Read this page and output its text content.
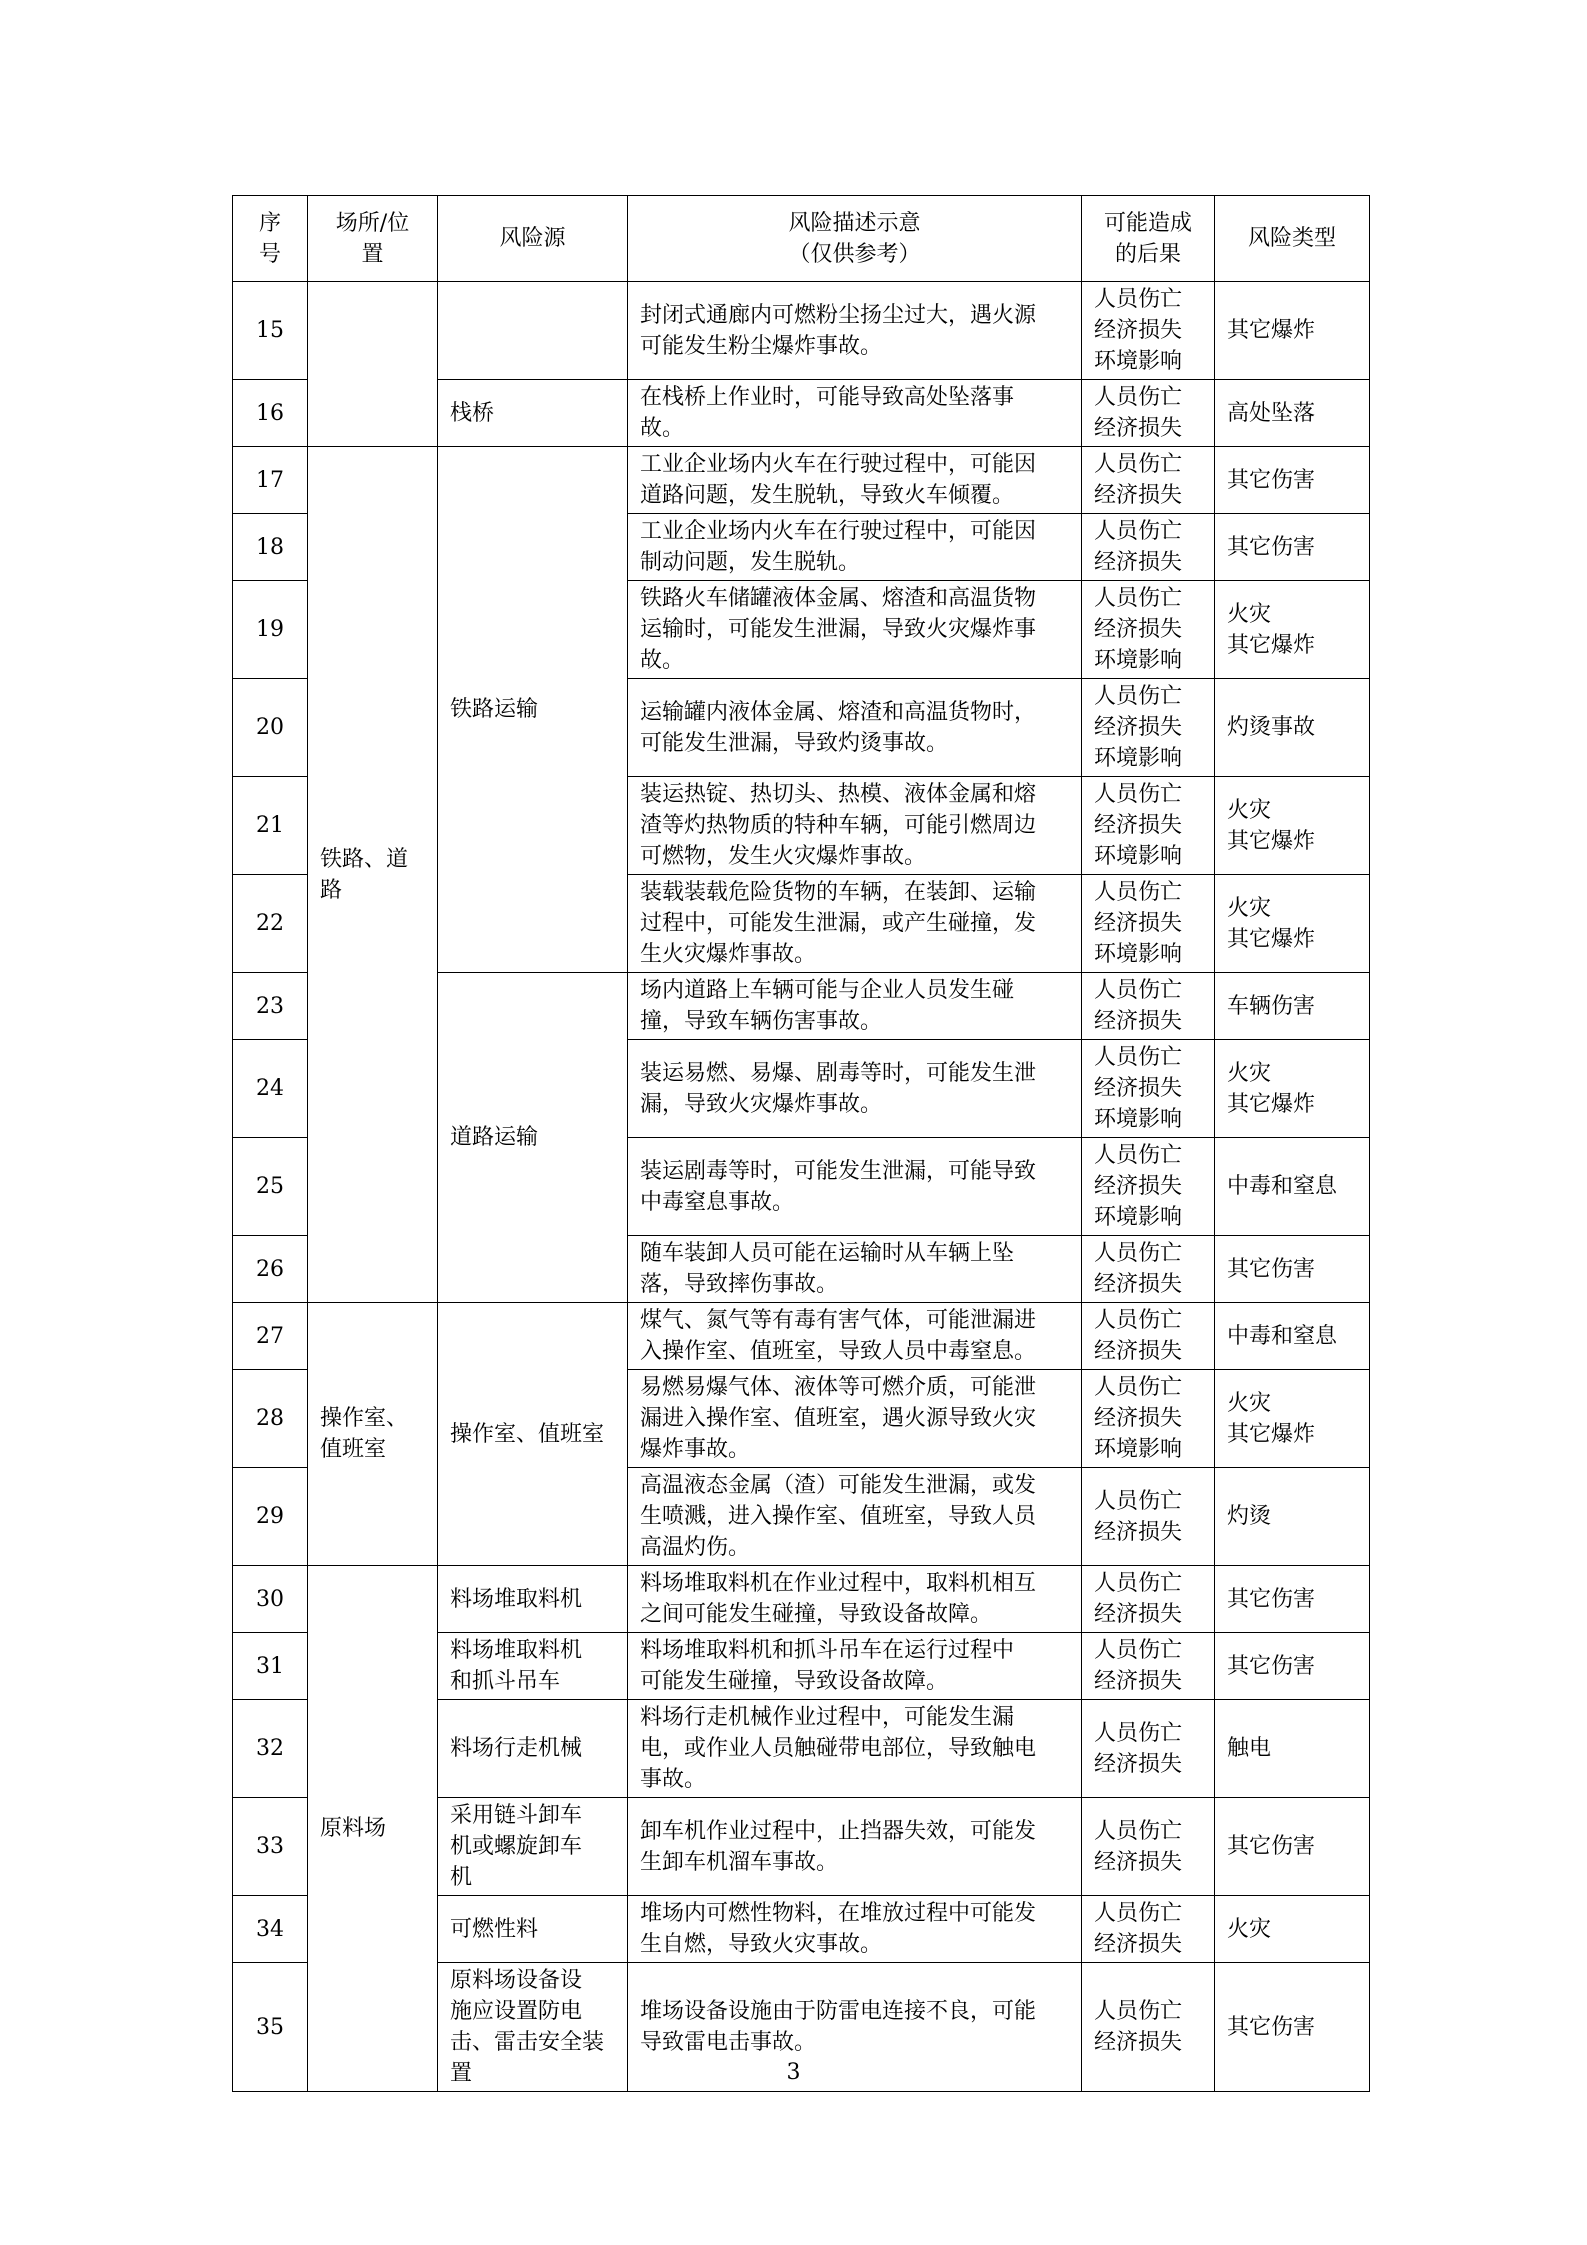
序
号	场所/位
置	风险源	风险描述示意
（仅供参考）	可能造成
的后果	风险类型

15			封闭式通廊内可燃粉尘扬尘过大，遇火源
可能发生粉尘爆炸事故。	人员伤亡
经济损失
环境影响	其它爆炸

16		栈桥	在栈桥上作业时，可能导致高处坠落事
故。	人员伤亡
经济损失	高处坠落

17	铁路、道
路	铁路运输	工业企业场内火车在行驶过程中，可能因
道路问题，发生脱轨，导致火车倾覆。	人员伤亡
经济损失	其它伤害

18			工业企业场内火车在行驶过程中，可能因
制动问题，发生脱轨。	人员伤亡
经济损失	其它伤害

19			铁路火车储罐液体金属、熔渣和高温货物
运输时，可能发生泄漏，导致火灾爆炸事
故。	人员伤亡
经济损失
环境影响	火灾
其它爆炸

20			运输罐内液体金属、熔渣和高温货物时，
可能发生泄漏，导致灼烫事故。	人员伤亡
经济损失
环境影响	灼烫事故

21			装运热锭、热切头、热模、液体金属和熔
渣等灼热物质的特种车辆，可能引燃周边
可燃物，发生火灾爆炸事故。	人员伤亡
经济损失
环境影响	火灾
其它爆炸

22			装载装载危险货物的车辆，在装卸、运输
过程中，可能发生泄漏，或产生碰撞，发
生火灾爆炸事故。	人员伤亡
经济损失
环境影响	火灾
其它爆炸

23		道路运输	场内道路上车辆可能与企业人员发生碰
撞，导致车辆伤害事故。	人员伤亡
经济损失	车辆伤害

24			装运易燃、易爆、剧毒等时，可能发生泄
漏，导致火灾爆炸事故。	人员伤亡
经济损失
环境影响	火灾
其它爆炸

25			装运剧毒等时，可能发生泄漏，可能导致
中毒窒息事故。	人员伤亡
经济损失
环境影响	中毒和窒息

26			随车装卸人员可能在运输时从车辆上坠
落，导致摔伤事故。	人员伤亡
经济损失	其它伤害

27	操作室、
值班室	操作室、值班室	煤气、氮气等有毒有害气体，可能泄漏进
入操作室、值班室，导致人员中毒窒息。	人员伤亡
经济损失	中毒和窒息

28			易燃易爆气体、液体等可燃介质，可能泄
漏进入操作室、值班室，遇火源导致火灾
爆炸事故。	人员伤亡
经济损失
环境影响	火灾
其它爆炸

29			高温液态金属（渣）可能发生泄漏，或发
生喷溅，进入操作室、值班室，导致人员
高温灼伤。	人员伤亡
经济损失	灼烫

30	原料场	料场堆取料机	料场堆取料机在作业过程中，取料机相互
之间可能发生碰撞，导致设备故障。	人员伤亡
经济损失	其它伤害

31		料场堆取料机
和抓斗吊车	料场堆取料机和抓斗吊车在运行过程中
可能发生碰撞，导致设备故障。	人员伤亡
经济损失	其它伤害

32		料场行走机械	料场行走机械作业过程中，可能发生漏
电，或作业人员触碰带电部位，导致触电
事故。	人员伤亡
经济损失	触电

33		采用链斗卸车
机或螺旋卸车
机	卸车机作业过程中，止挡器失效，可能发
生卸车机溜车事故。	人员伤亡
经济损失	其它伤害

34		可燃性料	堆场内可燃性物料，在堆放过程中可能发
生自燃，导致火灾事故。	人员伤亡
经济损失	火灾

35		原料场设备设
施应设置防电
击、雷击安全装
置	堆场设备设施由于防雷电连接不良，可能
导致雷电击事故。	人员伤亡
经济损失	其它伤害
3
